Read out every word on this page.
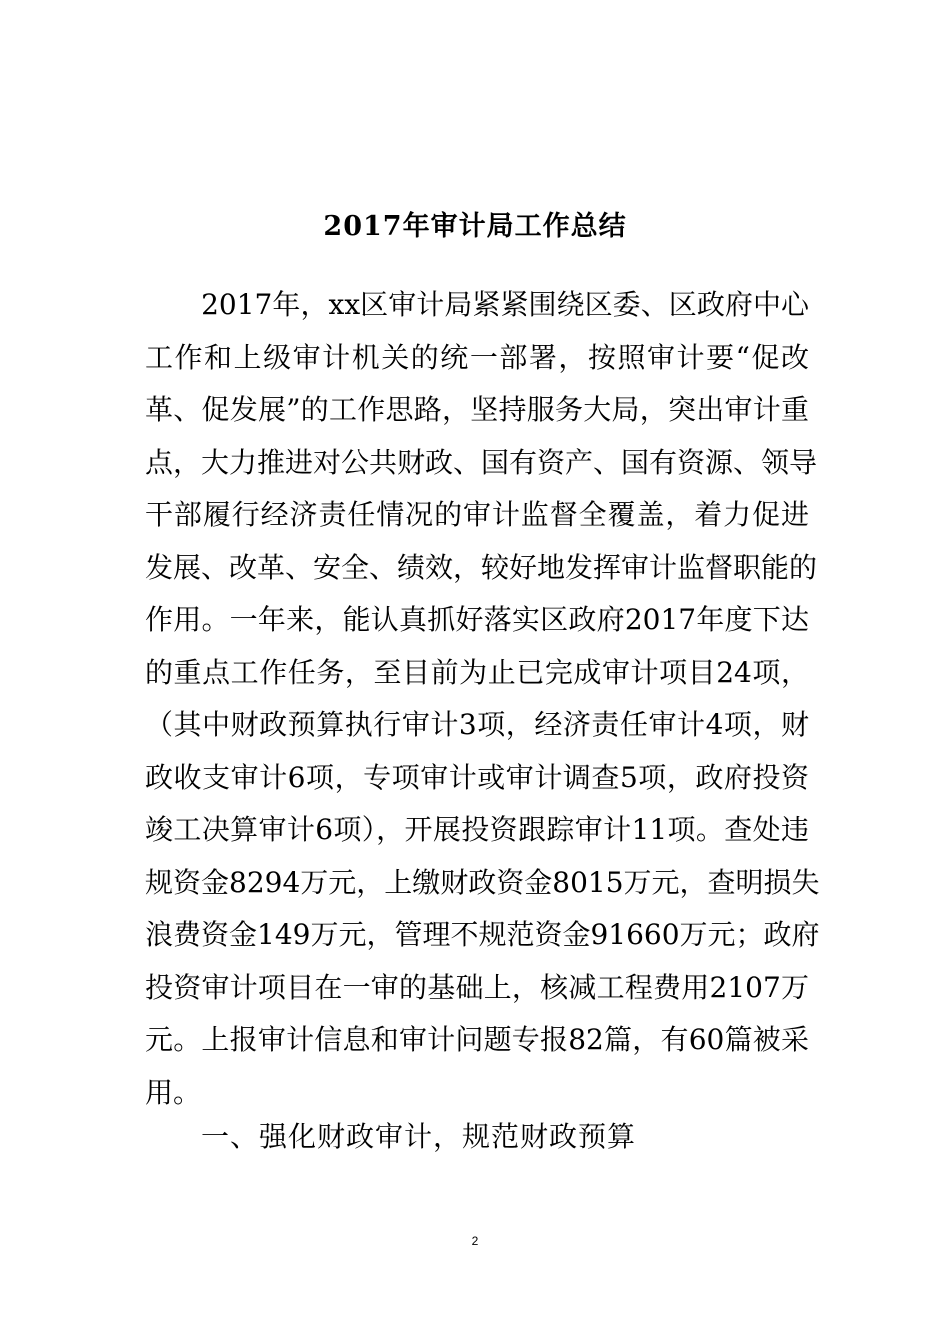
2017年审计局工作总结
　　2017年，xx区审计局紧紧围绕区委、区政府中心
工作和上级审计机关的统一部署，按照审计要“促改
革、促发展”的工作思路，坚持服务大局，突出审计重
点，大力推进对公共财政、国有资产、国有资源、领导
干部履行经济责任情况的审计监督全覆盖，着力促进
发展、改革、安全、绩效，较好地发挥审计监督职能的
作用。一年来，能认真抓好落实区政府2017年度下达
的重点工作任务，至目前为止已完成审计项目24项，
（其中财政预算执行审计3项，经济责任审计4项，财
政收支审计6项，专项审计或审计调查5项，政府投资
竣工决算审计6项），开展投资跟踪审计11项。查处违
规资金8294万元，上缴财政资金8015万元，查明损失
浪费资金149万元，管理不规范资金91660万元；政府
投资审计项目在一审的基础上，核减工程费用2107万
元。上报审计信息和审计问题专报82篇，有60篇被采
用。
一、强化财政审计，规范财政预算
2
